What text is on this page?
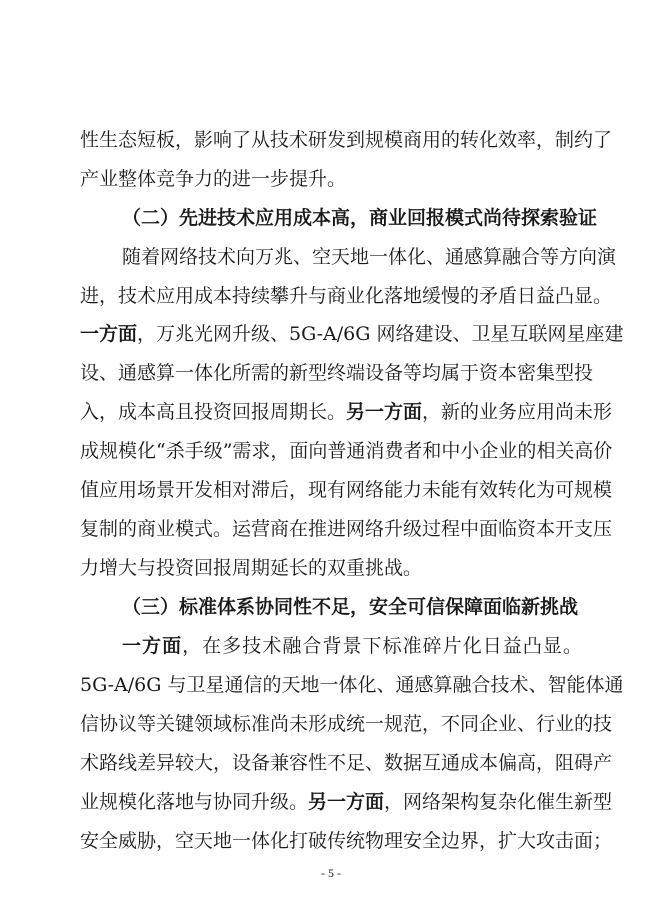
性生态短板，影响了从技术研发到规模商用的转化效率，制约了
产业整体竞争力的进一步提升。
（二）先进技术应用成本高，商业回报模式尚待探索验证
随着网络技术向万兆、空天地一体化、通感算融合等方向演
进，技术应用成本持续攀升与商业化落地缓慢的矛盾日益凸显。
一方面，万兆光网升级、5G-A/6G 网络建设、卫星互联网星座建
设、通感算一体化所需的新型终端设备等均属于资本密集型投
入，成本高且投资回报周期长。另一方面，新的业务应用尚未形
成规模化“杀手级”需求，面向普通消费者和中小企业的相关高价
值应用场景开发相对滞后，现有网络能力未能有效转化为可规模
复制的商业模式。运营商在推进网络升级过程中面临资本开支压
力增大与投资回报周期延长的双重挑战。
（三）标准体系协同性不足，安全可信保障面临新挑战
一方面，在多技术融合背景下标准碎片化日益凸显。
5G-A/6G 与卫星通信的天地一体化、通感算融合技术、智能体通
信协议等关键领域标准尚未形成统一规范，不同企业、行业的技
术路线差异较大，设备兼容性不足、数据互通成本偏高，阻碍产
业规模化落地与协同升级。另一方面，网络架构复杂化催生新型
安全威胁，空天地一体化打破传统物理安全边界，扩大攻击面；
- 5 -
